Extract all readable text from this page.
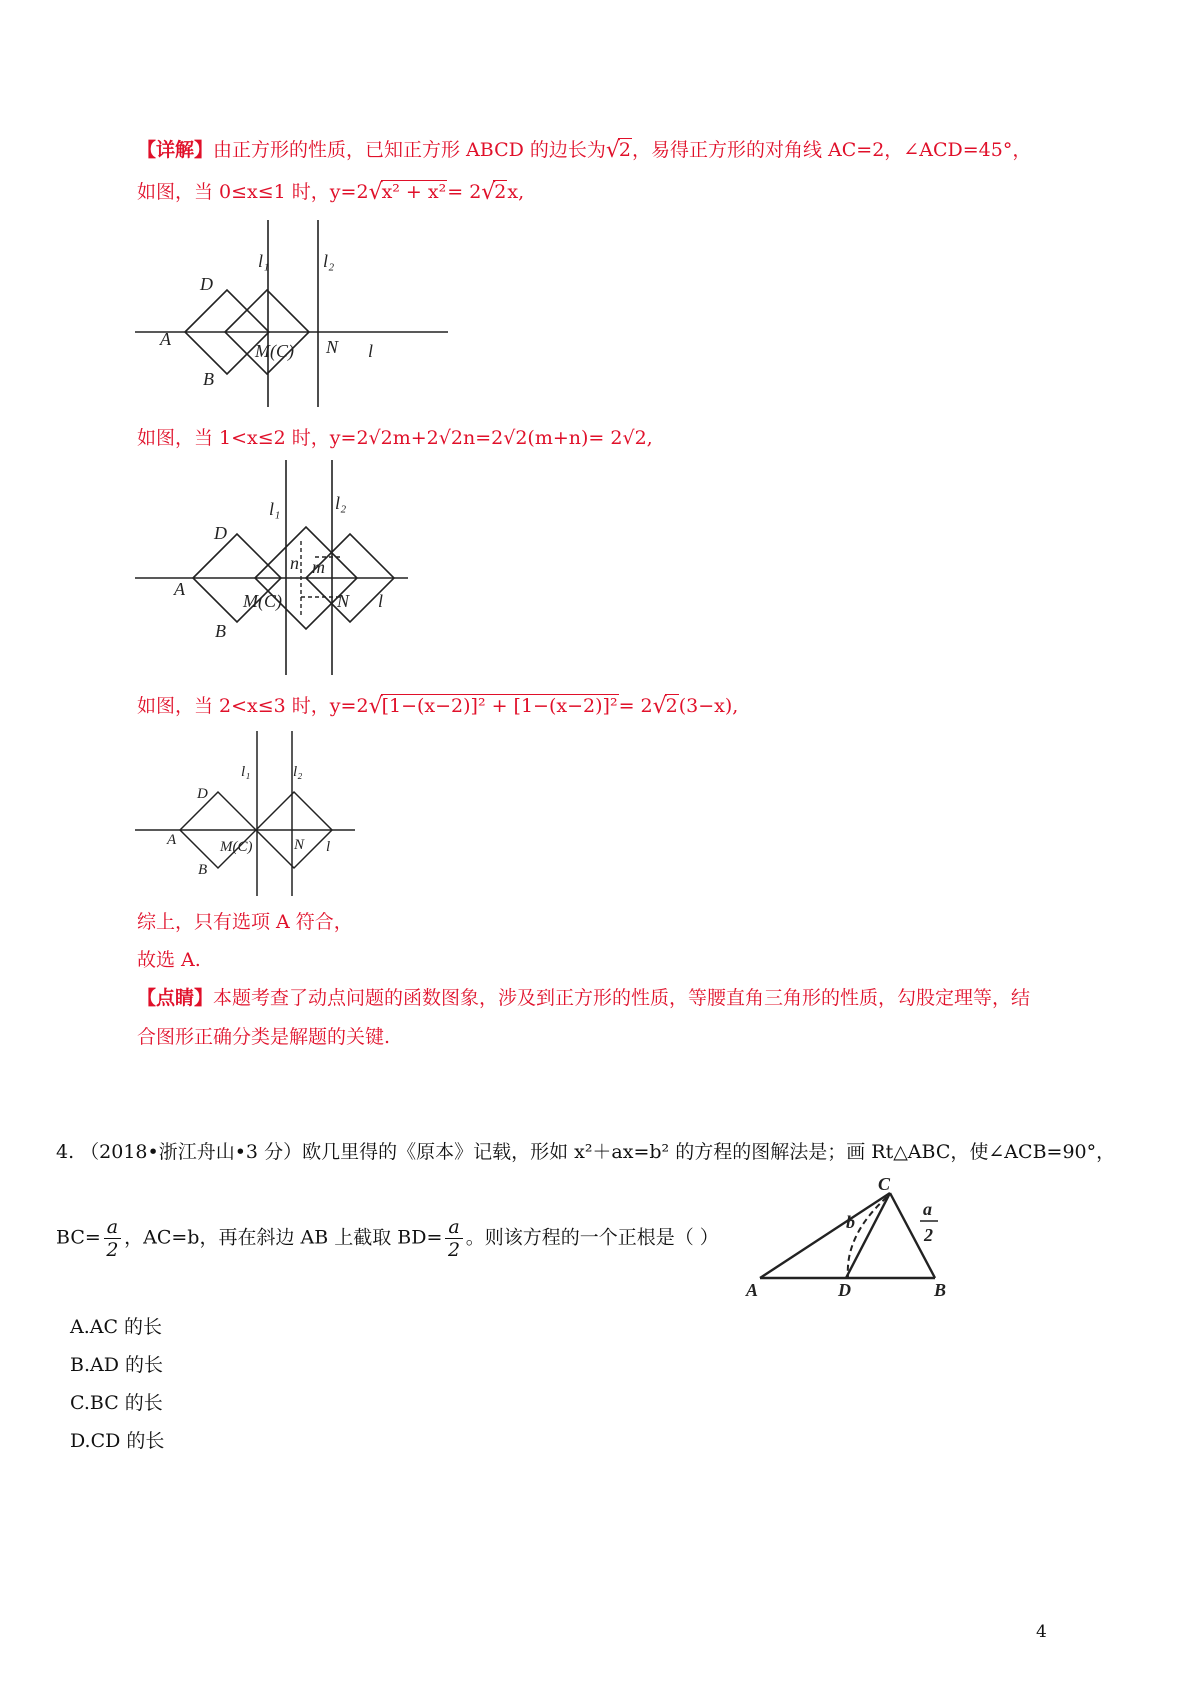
【详解】由正方形的性质，已知正方形 ABCD 的边长为 √
2，易得正方形的对角线 AC=2，∠ACD=45°，
如图，当 0≤x≤1 时，y=2 √
x² + x²= 2 √
2x,
D
A
B
M(C) N l
l₁	l₂
如图，当 1<x≤2 时，y=2√2m+2√2n=2√2(m+n)= 2√2,
D
A
B
M(C)	N l
l₁	l₂
n m
如图，当 2<x≤3 时，y=2 √
[1−(x−2)]² + [1−(x−2)]²= 2 √
2(3−x),
D
A
B
M(C)	N l
l₁	l₂
综上，只有选项 A 符合，
故选 A.
【点睛】本题考查了动点问题的函数图象，涉及到正方形的性质，等腰直角三角形的性质，勾股定理等，结
合图形正确分类是解题的关键.
4. （2018•浙江舟山•3 分）欧几里得的《原本》记载，形如 x²＋ax=b² 的方程的图解法是；画 Rt△ABC，使∠ACB=90°，
$BC= \frac{a}{2}$ ，AC=b，再在斜边 AB 上截取 $BD= \frac{a}{2}$ 。则该方程的一个正根是（ ）
C
A	B
D
b
a
2
A.AC 的长
B.AD 的长
C.BC 的长
D.CD 的长
4
